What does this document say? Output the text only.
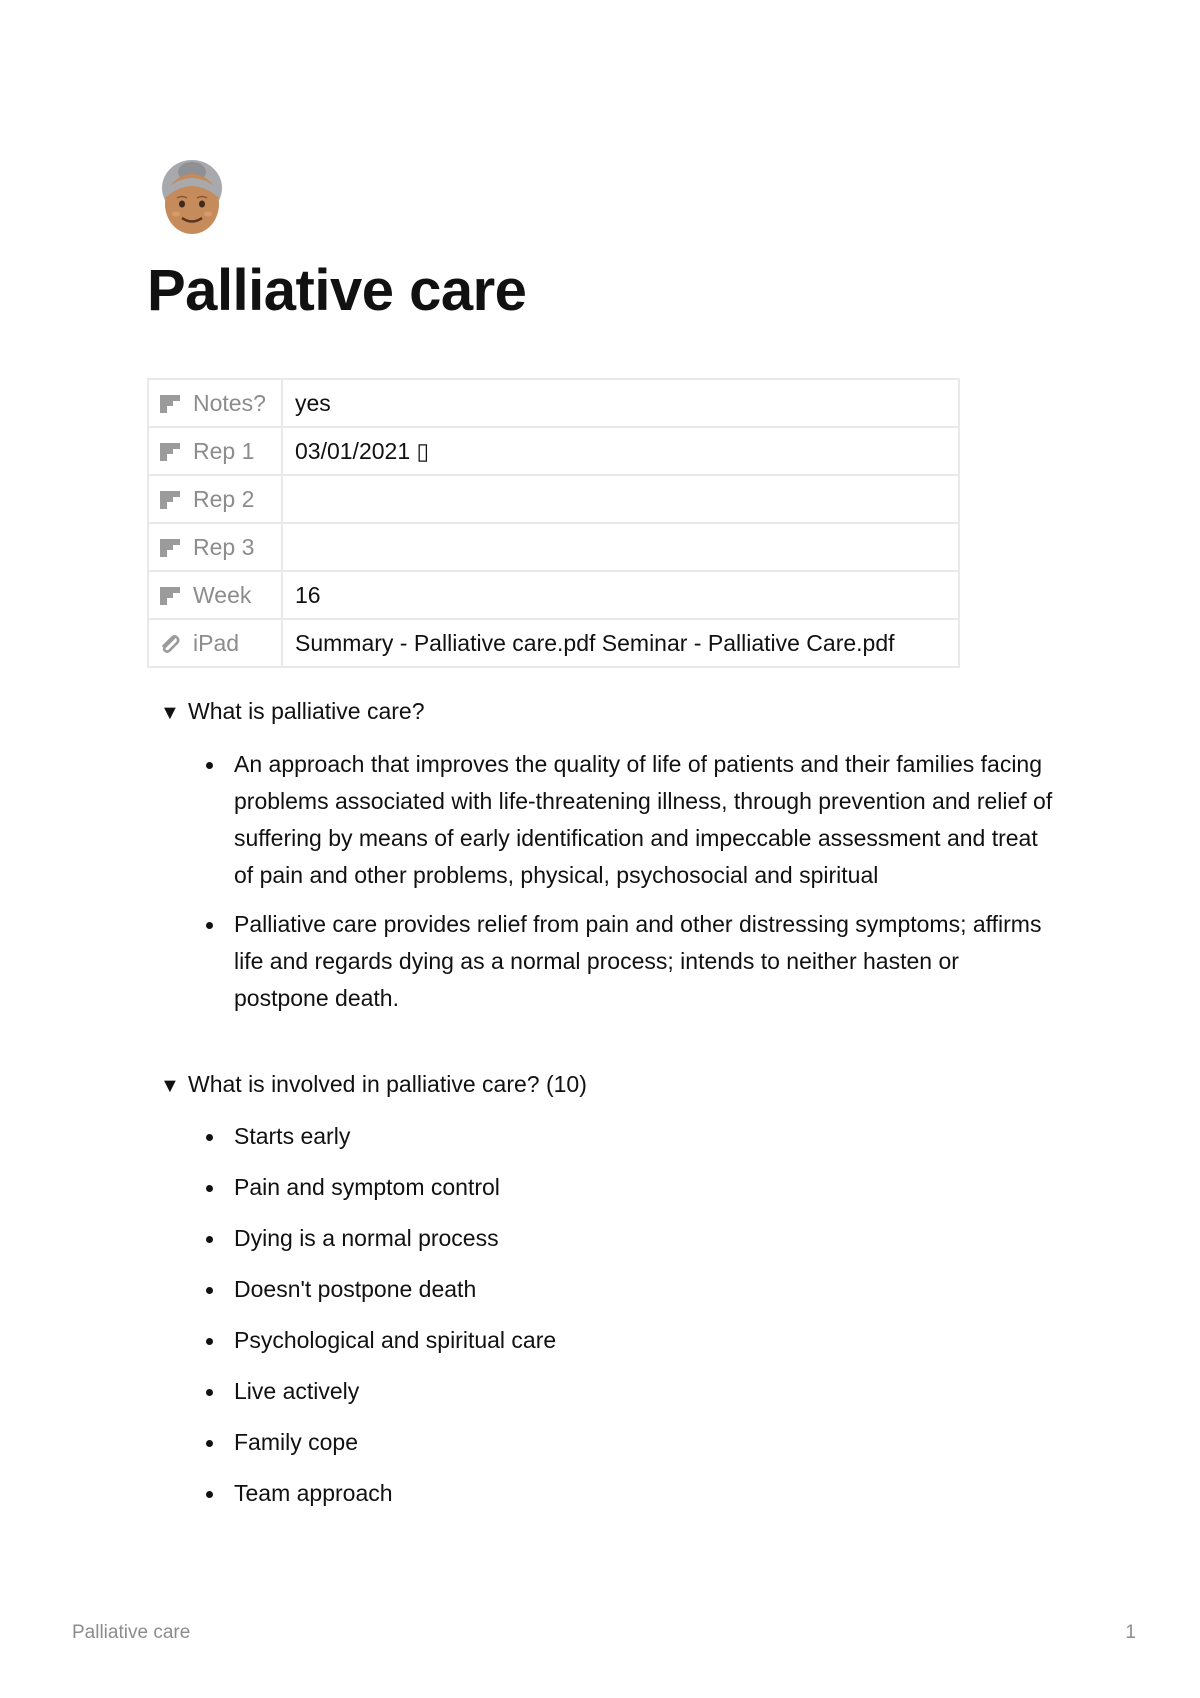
Palliative care
Notes?	yes
Rep 1	03/01/2021 ▯
Rep 2	
Rep 3	
Week	16
iPad	Summary - Palliative care.pdf Seminar - Palliative Care.pdf
▼ What is palliative care?
An approach that improves the quality of life of patients and their families facing problems associated with life-threatening illness, through prevention and relief of suffering by means of early identification and impeccable assessment and treat of pain and other problems, physical, psychosocial and spiritual
Palliative care provides relief from pain and other distressing symptoms; affirms life and regards dying as a normal process; intends to neither hasten or postpone death.
▼ What is involved in palliative care? (10)
Starts early
Pain and symptom control
Dying is a normal process
Doesn't postpone death
Psychological and spiritual care
Live actively
Family cope
Team approach
Palliative care	1
